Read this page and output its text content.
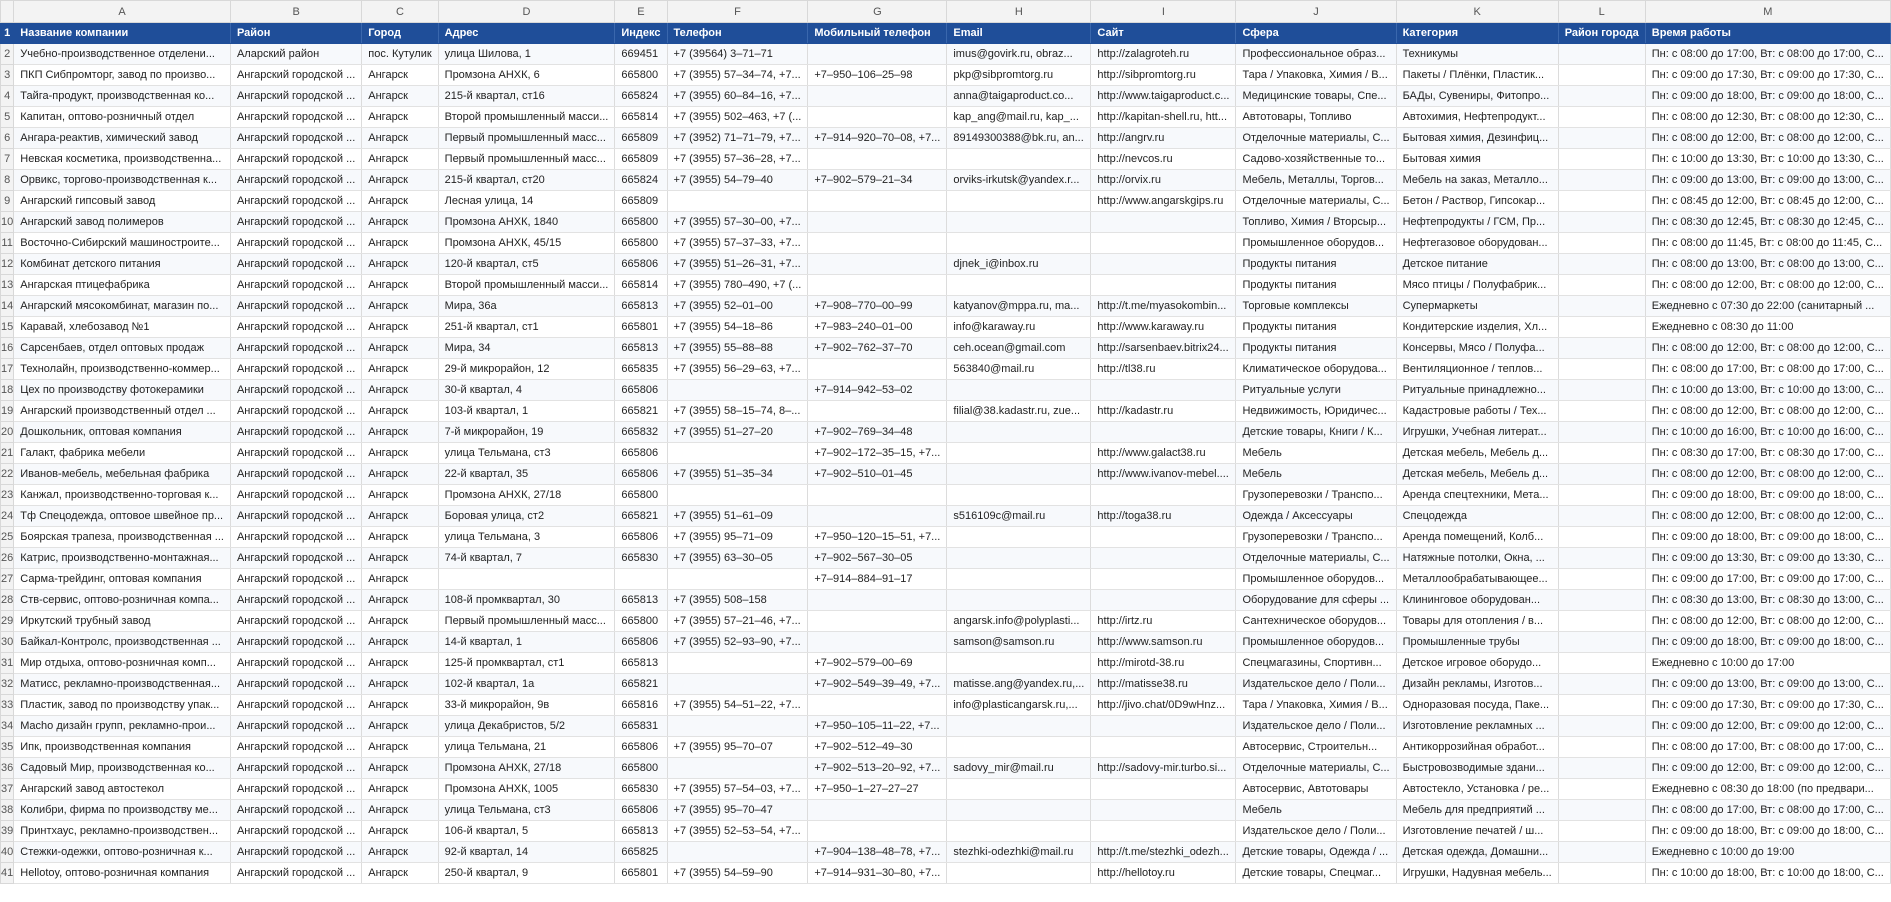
	A	B	C	D	E	F	G	H	I	J	K	L	M
1	Название компании	Район	Город	Адрес	Индекс	Телефон	Мобильный телефон	Email	Сайт	Сфера	Категория	Район города	Время работы
2	Учебно-производственное отделени...	Аларский район	пос. Кутулик	улица Шилова, 1	669451	+7 (39564) 3–71–71		imus@govirk.ru, obraz...	http://zalagroteh.ru	Профессиональное образ...	Техникумы		Пн: с 08:00 до 17:00, Вт: с 08:00 до 17:00, С...
3	ПКП Сибпромторг, завод по произво...	Ангарский городской ...	Ангарск	Промзона АНХК, 6	665800	+7 (3955) 57–34–74, +7...	+7–950–106–25–98	pkp@sibpromtorg.ru	http://sibpromtorg.ru	Тара / Упаковка, Химия / В...	Пакеты / Плёнки, Пластик...		Пн: с 09:00 до 17:30, Вт: с 09:00 до 17:30, С...
4	Тайга-продукт, производственная ко...	Ангарский городской ...	Ангарск	215-й квартал, ст16	665824	+7 (3955) 60–84–16, +7...		anna@taigaproduct.co...	http://www.taigaproduct.c...	Медицинские товары, Спе...	БАДы, Сувениры, Фитопро...		Пн: с 09:00 до 18:00, Вт: с 09:00 до 18:00, С...
5	Капитан, оптово-розничный отдел	Ангарский городской ...	Ангарск	Второй промышленный масси...	665814	+7 (3955) 502–463, +7 (...		kap_ang@mail.ru, kap_...	http://kapitan-shell.ru, htt...	Автотовары, Топливо	Автохимия, Нефтепродукт...		Пн: с 08:00 до 12:30, Вт: с 08:00 до 12:30, С...
6	Ангара-реактив, химический завод	Ангарский городской ...	Ангарск	Первый промышленный масс...	665809	+7 (3952) 71–71–79, +7...	+7–914–920–70–08, +7...	89149300388@bk.ru, an...	http://angrv.ru	Отделочные материалы, С...	Бытовая химия, Дезинфиц...		Пн: с 08:00 до 12:00, Вт: с 08:00 до 12:00, С...
7	Невская косметика, производственна...	Ангарский городской ...	Ангарск	Первый промышленный масс...	665809	+7 (3955) 57–36–28, +7...			http://nevcos.ru	Садово-хозяйственные то...	Бытовая химия		Пн: с 10:00 до 13:30, Вт: с 10:00 до 13:30, С...
8	Орвикс, торгово-производственная к...	Ангарский городской ...	Ангарск	215-й квартал, ст20	665824	+7 (3955) 54–79–40	+7–902–579–21–34	orviks-irkutsk@yandex.r...	http://orvix.ru	Мебель, Металлы, Торгов...	Мебель на заказ, Металло...		Пн: с 09:00 до 13:00, Вт: с 09:00 до 13:00, С...
9	Ангарский гипсовый завод	Ангарский городской ...	Ангарск	Лесная улица, 14	665809				http://www.angarskgips.ru	Отделочные материалы, С...	Бетон / Раствор, Гипсокар...		Пн: с 08:45 до 12:00, Вт: с 08:45 до 12:00, С...
10	Ангарский завод полимеров	Ангарский городской ...	Ангарск	Промзона АНХК, 1840	665800	+7 (3955) 57–30–00, +7...				Топливо, Химия / Вторсыр...	Нефтепродукты / ГСМ, Пр...		Пн: с 08:30 до 12:45, Вт: с 08:30 до 12:45, С...
11	Восточно-Сибирский машиностроите...	Ангарский городской ...	Ангарск	Промзона АНХК, 45/15	665800	+7 (3955) 57–37–33, +7...				Промышленное оборудов...	Нефтегазовое оборудован...		Пн: с 08:00 до 11:45, Вт: с 08:00 до 11:45, С...
12	Комбинат детского питания	Ангарский городской ...	Ангарск	120-й квартал, ст5	665806	+7 (3955) 51–26–31, +7...		djnek_i@inbox.ru		Продукты питания	Детское питание		Пн: с 08:00 до 13:00, Вт: с 08:00 до 13:00, С...
13	Ангарская птицефабрика	Ангарский городской ...	Ангарск	Второй промышленный масси...	665814	+7 (3955) 780–490, +7 (...				Продукты питания	Мясо птицы / Полуфабрик...		Пн: с 08:00 до 12:00, Вт: с 08:00 до 12:00, С...
14	Ангарский мясокомбинат, магазин по...	Ангарский городской ...	Ангарск	Мира, 36а	665813	+7 (3955) 52–01–00	+7–908–770–00–99	katyanov@mppa.ru, ma...	http://t.me/myasokombin...	Торговые комплексы	Супермаркеты		Ежедневно с 07:30 до 22:00 (санитарный ...
15	Каравай, хлебозавод №1	Ангарский городской ...	Ангарск	251-й квартал, ст1	665801	+7 (3955) 54–18–86	+7–983–240–01–00	info@karaway.ru	http://www.karaway.ru	Продукты питания	Кондитерские изделия, Хл...		Ежедневно с 08:30 до 11:00
16	Сарсенбаев, отдел оптовых продаж	Ангарский городской ...	Ангарск	Мира, 34	665813	+7 (3955) 55–88–88	+7–902–762–37–70	ceh.ocean@gmail.com	http://sarsenbaev.bitrix24...	Продукты питания	Консервы, Мясо / Полуфа...		Пн: с 08:00 до 12:00, Вт: с 08:00 до 12:00, С...
17	Технолайн, производственно-коммер...	Ангарский городской ...	Ангарск	29-й микрорайон, 12	665835	+7 (3955) 56–29–63, +7...		563840@mail.ru	http://tl38.ru	Климатическое оборудова...	Вентиляционное / теплов...		Пн: с 08:00 до 17:00, Вт: с 08:00 до 17:00, С...
18	Цех по производству фотокерамики	Ангарский городской ...	Ангарск	30-й квартал, 4	665806		+7–914–942–53–02			Ритуальные услуги	Ритуальные принадлежно...		Пн: с 10:00 до 13:00, Вт: с 10:00 до 13:00, С...
19	Ангарский производственный отдел ...	Ангарский городской ...	Ангарск	103-й квартал, 1	665821	+7 (3955) 58–15–74, 8–...		filial@38.kadastr.ru, zue...	http://kadastr.ru	Недвижимость, Юридичес...	Кадастровые работы / Тех...		Пн: с 08:00 до 12:00, Вт: с 08:00 до 12:00, С...
20	Дошкольник, оптовая компания	Ангарский городской ...	Ангарск	7-й микрорайон, 19	665832	+7 (3955) 51–27–20	+7–902–769–34–48			Детские товары, Книги / К...	Игрушки, Учебная литерат...		Пн: с 10:00 до 16:00, Вт: с 10:00 до 16:00, С...
21	Галакт, фабрика мебели	Ангарский городской ...	Ангарск	улица Тельмана, ст3	665806		+7–902–172–35–15, +7...		http://www.galact38.ru	Мебель	Детская мебель, Мебель д...		Пн: с 08:30 до 17:00, Вт: с 08:30 до 17:00, С...
22	Иванов-мебель, мебельная фабрика	Ангарский городской ...	Ангарск	22-й квартал, 35	665806	+7 (3955) 51–35–34	+7–902–510–01–45		http://www.ivanov-mebel....	Мебель	Детская мебель, Мебель д...		Пн: с 08:00 до 12:00, Вт: с 08:00 до 12:00, С...
23	Канжал, производственно-торговая к...	Ангарский городской ...	Ангарск	Промзона АНХК, 27/18	665800					Грузоперевозки / Транспо...	Аренда спецтехники, Мета...		Пн: с 09:00 до 18:00, Вт: с 09:00 до 18:00, С...
24	Тф Спецодежда, оптовое швейное пр...	Ангарский городской ...	Ангарск	Боровая улица, ст2	665821	+7 (3955) 51–61–09		s516109c@mail.ru	http://toga38.ru	Одежда / Аксессуары	Спецодежда		Пн: с 08:00 до 12:00, Вт: с 08:00 до 12:00, С...
25	Боярская трапеза, производственная ...	Ангарский городской ...	Ангарск	улица Тельмана, 3	665806	+7 (3955) 95–71–09	+7–950–120–15–51, +7...			Грузоперевозки / Транспо...	Аренда помещений, Колб...		Пн: с 09:00 до 18:00, Вт: с 09:00 до 18:00, С...
26	Катрис, производственно-монтажная...	Ангарский городской ...	Ангарск	74-й квартал, 7	665830	+7 (3955) 63–30–05	+7–902–567–30–05			Отделочные материалы, С...	Натяжные потолки, Окна, ...		Пн: с 09:00 до 13:30, Вт: с 09:00 до 13:30, С...
27	Сарма-трейдинг, оптовая компания	Ангарский городской ...	Ангарск				+7–914–884–91–17			Промышленное оборудов...	Металлообрабатывающее...		Пн: с 09:00 до 17:00, Вт: с 09:00 до 17:00, С...
28	Ств-сервис, оптово-розничная компа...	Ангарский городской ...	Ангарск	108-й промквартал, 30	665813	+7 (3955) 508–158				Оборудование для сферы ...	Клининговое оборудован...		Пн: с 08:30 до 13:00, Вт: с 08:30 до 13:00, С...
29	Иркутский трубный завод	Ангарский городской ...	Ангарск	Первый промышленный масс...	665800	+7 (3955) 57–21–46, +7...		angarsk.info@polyplasti...	http://irtz.ru	Сантехническое оборудов...	Товары для отопления / в...		Пн: с 08:00 до 12:00, Вт: с 08:00 до 12:00, С...
30	Байкал-Контролс, производственная ...	Ангарский городской ...	Ангарск	14-й квартал, 1	665806	+7 (3955) 52–93–90, +7...		samson@samson.ru	http://www.samson.ru	Промышленное оборудов...	Промышленные трубы		Пн: с 09:00 до 18:00, Вт: с 09:00 до 18:00, С...
31	Мир отдыха, оптово-розничная комп...	Ангарский городской ...	Ангарск	125-й промквартал, ст1	665813		+7–902–579–00–69		http://mirotd-38.ru	Спецмагазины, Спортивн...	Детское игровое оборудо...		Ежедневно с 10:00 до 17:00
32	Матисс, рекламно-производственная...	Ангарский городской ...	Ангарск	102-й квартал, 1а	665821		+7–902–549–39–49, +7...	matisse.ang@yandex.ru,...	http://matisse38.ru	Издательское дело / Поли...	Дизайн рекламы, Изготов...		Пн: с 09:00 до 13:00, Вт: с 09:00 до 13:00, С...
33	Пластик, завод по производству упак...	Ангарский городской ...	Ангарск	33-й микрорайон, 9в	665816	+7 (3955) 54–51–22, +7...		info@plasticangarsk.ru,...	http://jivo.chat/0D9wHnz...	Тара / Упаковка, Химия / В...	Одноразовая посуда, Паке...		Пн: с 09:00 до 17:30, Вт: с 09:00 до 17:30, С...
34	Macho дизайн групп, рекламно-прои...	Ангарский городской ...	Ангарск	улица Декабристов, 5/2	665831		+7–950–105–11–22, +7...			Издательское дело / Поли...	Изготовление рекламных ...		Пн: с 09:00 до 12:00, Вт: с 09:00 до 12:00, С...
35	Ипк, производственная компания	Ангарский городской ...	Ангарск	улица Тельмана, 21	665806	+7 (3955) 95–70–07	+7–902–512–49–30			Автосервис, Строительн...	Антикоррозийная обработ...		Пн: с 08:00 до 17:00, Вт: с 08:00 до 17:00, С...
36	Садовый Мир, производственная ко...	Ангарский городской ...	Ангарск	Промзона АНХК, 27/18	665800		+7–902–513–20–92, +7...	sadovy_mir@mail.ru	http://sadovy-mir.turbo.si...	Отделочные материалы, С...	Быстровозводимые здани...		Пн: с 09:00 до 12:00, Вт: с 09:00 до 12:00, С...
37	Ангарский завод автостекол	Ангарский городской ...	Ангарск	Промзона АНХК, 1005	665830	+7 (3955) 57–54–03, +7...	+7–950–1–27–27–27			Автосервис, Автотовары	Автостекло, Установка / ре...		Ежедневно с 08:30 до 18:00 (по предвари...
38	Колибри, фирма по производству ме...	Ангарский городской ...	Ангарск	улица Тельмана, ст3	665806	+7 (3955) 95–70–47				Мебель	Мебель для предприятий ...		Пн: с 08:00 до 17:00, Вт: с 08:00 до 17:00, С...
39	Принтхаус, рекламно-производствен...	Ангарский городской ...	Ангарск	106-й квартал, 5	665813	+7 (3955) 52–53–54, +7...				Издательское дело / Поли...	Изготовление печатей / ш...		Пн: с 09:00 до 18:00, Вт: с 09:00 до 18:00, С...
40	Стежки-одежки, оптово-розничная к...	Ангарский городской ...	Ангарск	92-й квартал, 14	665825		+7–904–138–48–78, +7...	stezhki-odezhki@mail.ru	http://t.me/stezhki_odezh...	Детские товары, Одежда / ...	Детская одежда, Домашни...		Ежедневно с 10:00 до 19:00
41	Hellotoy, оптово-розничная компания	Ангарский городской ...	Ангарск	250-й квартал, 9	665801	+7 (3955) 54–59–90	+7–914–931–30–80, +7...		http://hellotoy.ru	Детские товары, Спецмаг...	Игрушки, Надувная мебель...		Пн: с 10:00 до 18:00, Вт: с 10:00 до 18:00, С...
